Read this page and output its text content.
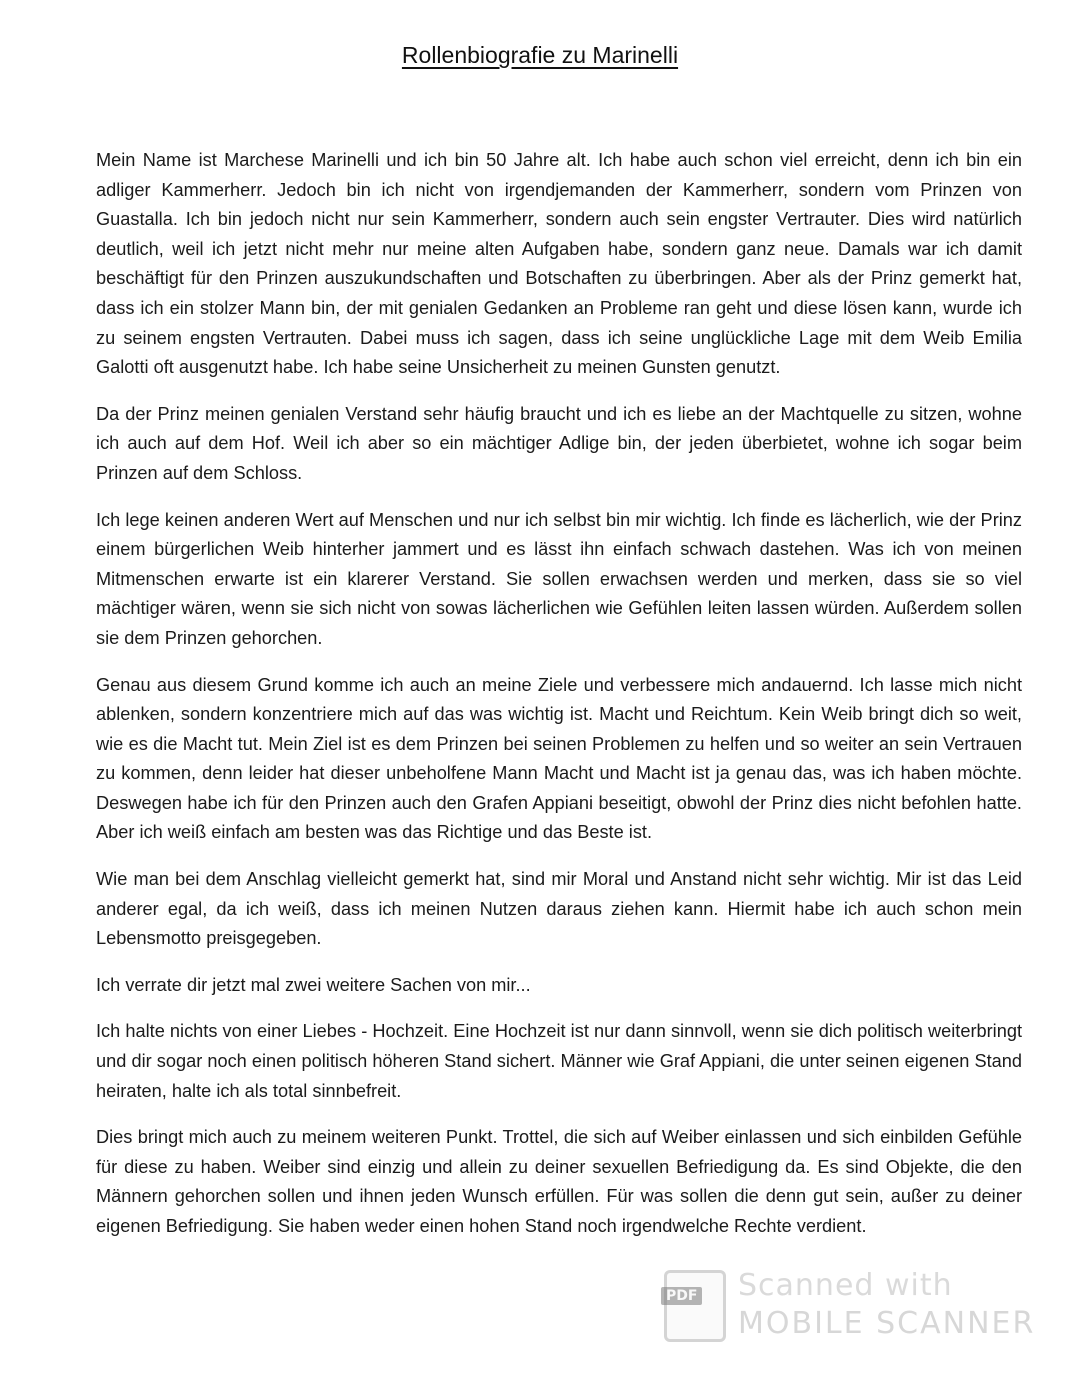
Rollenbiografie zu Marinelli

Mein Name ist Marchese Marinelli und ich bin 50 Jahre alt. Ich habe auch schon viel erreicht, denn ich bin ein adliger Kammerherr. Jedoch bin ich nicht von irgendjemanden der Kammerherr, sondern vom Prinzen von Guastalla. Ich bin jedoch nicht nur sein Kammerherr, sondern auch sein engster Vertrauter. Dies wird natürlich deutlich, weil ich jetzt nicht mehr nur meine alten Aufgaben habe, sondern ganz neue. Damals war ich damit beschäftigt für den Prinzen auszukundschaften und Botschaften zu überbringen. Aber als der Prinz gemerkt hat, dass ich ein stolzer Mann bin, der mit genialen Gedanken an Probleme ran geht und diese lösen kann, wurde ich zu seinem engsten Vertrauten. Dabei muss ich sagen, dass ich seine unglückliche Lage mit dem Weib Emilia Galotti oft ausgenutzt habe. Ich habe seine Unsicherheit zu meinen Gunsten genutzt.

Da der Prinz meinen genialen Verstand sehr häufig braucht und ich es liebe an der Machtquelle zu sitzen, wohne ich auch auf dem Hof. Weil ich aber so ein mächtiger Adlige bin, der jeden überbietet, wohne ich sogar beim Prinzen auf dem Schloss.

Ich lege keinen anderen Wert auf Menschen und nur ich selbst bin mir wichtig. Ich finde es lächerlich, wie der Prinz einem bürgerlichen Weib hinterher jammert und es lässt ihn einfach schwach dastehen. Was ich von meinen Mitmenschen erwarte ist ein klarerer Verstand. Sie sollen erwachsen werden und merken, dass sie so viel mächtiger wären, wenn sie sich nicht von sowas lächerlichen wie Gefühlen leiten lassen würden. Außerdem sollen sie dem Prinzen gehorchen.

Genau aus diesem Grund komme ich auch an meine Ziele und verbessere mich andauernd. Ich lasse mich nicht ablenken, sondern konzentriere mich auf das was wichtig ist. Macht und Reichtum. Kein Weib bringt dich so weit, wie es die Macht tut. Mein Ziel ist es dem Prinzen bei seinen Problemen zu helfen und so weiter an sein Vertrauen zu kommen, denn leider hat dieser unbeholfene Mann Macht und Macht ist ja genau das, was ich haben möchte. Deswegen habe ich für den Prinzen auch den Grafen Appiani beseitigt, obwohl der Prinz dies nicht befohlen hatte. Aber ich weiß einfach am besten was das Richtige und das Beste ist.

Wie man bei dem Anschlag vielleicht gemerkt hat, sind mir Moral und Anstand nicht sehr wichtig. Mir ist das Leid anderer egal, da ich weiß, dass ich meinen Nutzen daraus ziehen kann. Hiermit habe ich auch schon mein Lebensmotto preisgegeben.

Ich verrate dir jetzt mal zwei weitere Sachen von mir...

Ich halte nichts von einer Liebes - Hochzeit. Eine Hochzeit ist nur dann sinnvoll, wenn sie dich politisch weiterbringt und dir sogar noch einen politisch höheren Stand sichert. Männer wie Graf Appiani, die unter seinen eigenen Stand heiraten, halte ich als total sinnbefreit.

Dies bringt mich auch zu meinem weiteren Punkt. Trottel, die sich auf Weiber einlassen und sich einbilden Gefühle für diese zu haben. Weiber sind einzig und allein zu deiner sexuellen Befriedigung da. Es sind Objekte, die den Männern gehorchen sollen und ihnen jeden Wunsch erfüllen. Für was sollen die denn gut sein, außer zu deiner eigenen Befriedigung. Sie haben weder einen hohen Stand noch irgendwelche Rechte verdient.

PDF Scanned with
MOBILE SCANNER
